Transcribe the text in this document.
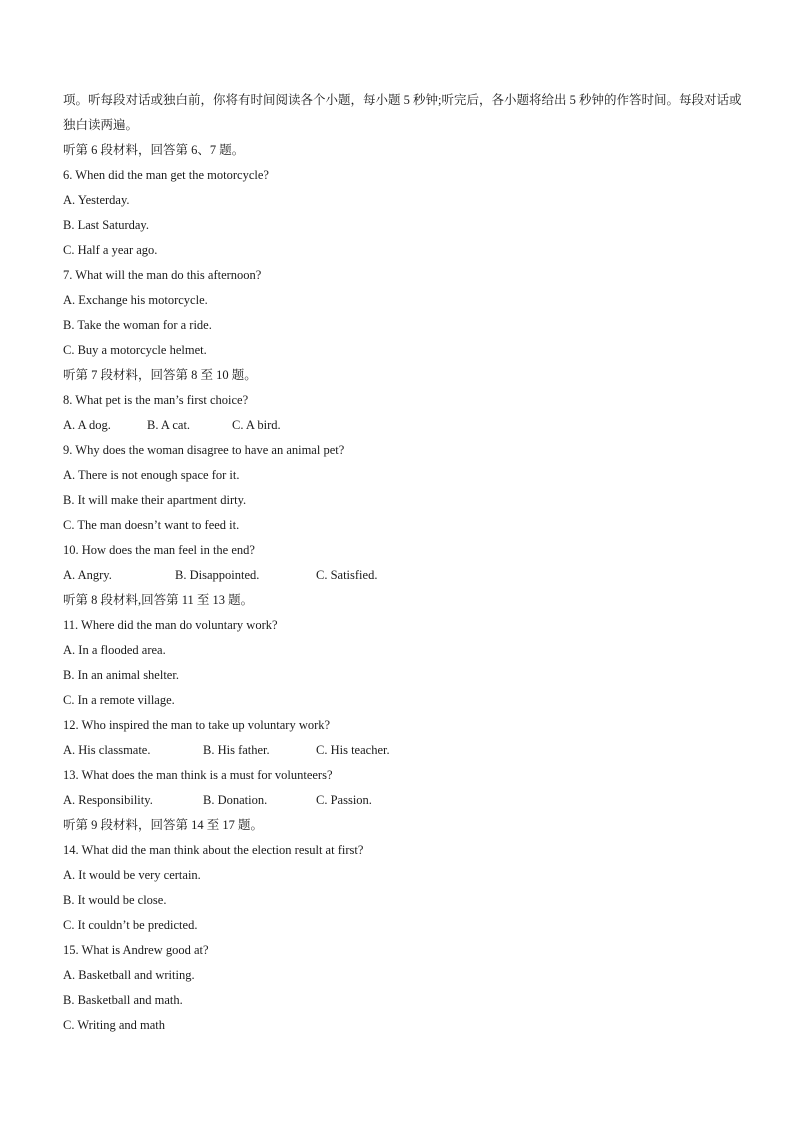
项。听每段对话或独白前，你将有时间阅读各个小题，每小题 5 秒钟;听完后，各小题将给出 5 秒钟的作答时间。每段对话或独白读两遍。
听第 6 段材料，回答第 6、7 题。
6. When did the man get the motorcycle?
A. Yesterday.
B. Last Saturday.
C. Half a year ago.
7. What will the man do this afternoon?
A. Exchange his motorcycle.
B. Take the woman for a ride.
C. Buy a motorcycle helmet.
听第 7 段材料，回答第 8 至 10 题。
8. What pet is the man’s first choice?
A. A dog.	B. A cat.	C. A bird.
9. Why does the woman disagree to have an animal pet?
A. There is not enough space for it.
B. It will make their apartment dirty.
C. The man doesn’t want to feed it.
10. How does the man feel in the end?
A. Angry.	B. Disappointed.	C. Satisfied.
听第 8 段材料,回答第 11 至 13 题。
11. Where did the man do voluntary work?
A. In a flooded area.
B. In an animal shelter.
C. In a remote village.
12. Who inspired the man to take up voluntary work?
A. His classmate.	B. His father.	C. His teacher.
13. What does the man think is a must for volunteers?
A. Responsibility.	B. Donation.	C. Passion.
听第 9 段材料，回答第 14 至 17 题。
14. What did the man think about the election result at first?
A. It would be very certain.
B. It would be close.
C. It couldn’t be predicted.
15. What is Andrew good at?
A. Basketball and writing.
B. Basketball and math.
C. Writing and math
